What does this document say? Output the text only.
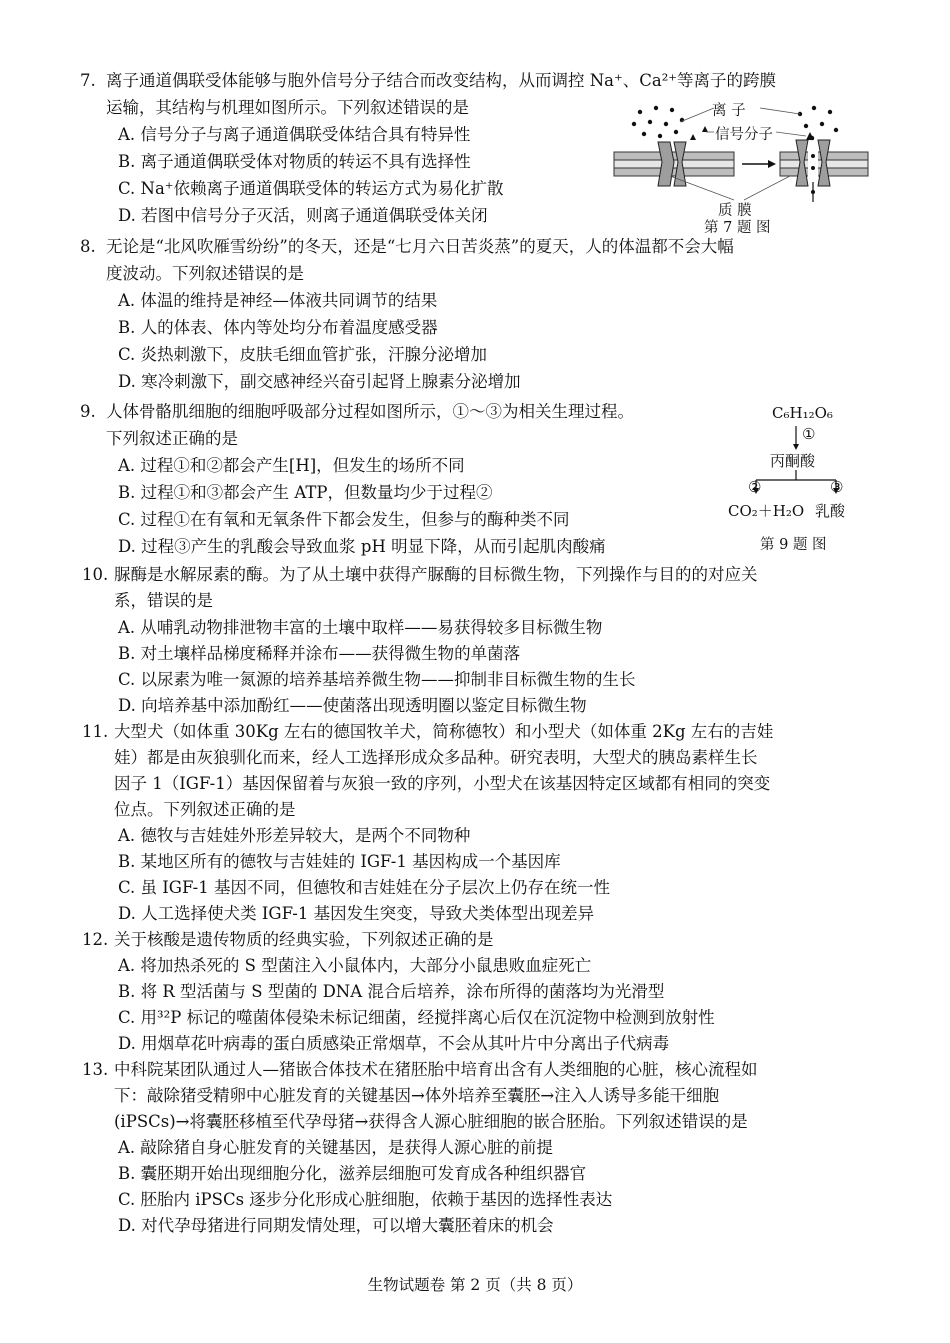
7. 离子通道偶联受体能够与胞外信号分子结合而改变结构，从而调控 Na⁺、Ca²⁺等离子的跨膜
运输，其结构与机理如图所示。下列叙述错误的是
A. 信号分子与离子通道偶联受体结合具有特异性
B. 离子通道偶联受体对物质的转运不具有选择性
C. Na⁺依赖离子通道偶联受体的转运方式为易化扩散
D. 若图中信号分子灭活，则离子通道偶联受体关闭
离 子
信号分子
质 膜
第 7 题 图
8. 无论是“北风吹雁雪纷纷”的冬天，还是“七月六日苦炎蒸”的夏天，人的体温都不会大幅
度波动。下列叙述错误的是
A. 体温的维持是神经—体液共同调节的结果
B. 人的体表、体内等处均分布着温度感受器
C. 炎热刺激下，皮肤毛细血管扩张，汗腺分泌增加
D. 寒冷刺激下，副交感神经兴奋引起肾上腺素分泌增加
9. 人体骨骼肌细胞的细胞呼吸部分过程如图所示，①～③为相关生理过程。
下列叙述正确的是
A. 过程①和②都会产生[H]，但发生的场所不同
B. 过程①和③都会产生 ATP，但数量均少于过程②
C. 过程①在有氧和无氧条件下都会发生，但参与的酶种类不同
D. 过程③产生的乳酸会导致血浆 pH 明显下降，从而引起肌肉酸痛
C₆H₁₂O₆
①
丙酮酸
②	③
CO₂＋H₂O 乳酸
第 9 题 图
10. 脲酶是水解尿素的酶。为了从土壤中获得产脲酶的目标微生物，下列操作与目的的对应关
系，错误的是
A. 从哺乳动物排泄物丰富的土壤中取样——易获得较多目标微生物
B. 对土壤样品梯度稀释并涂布——获得微生物的单菌落
C. 以尿素为唯一氮源的培养基培养微生物——抑制非目标微生物的生长
D. 向培养基中添加酚红——使菌落出现透明圈以鉴定目标微生物
11. 大型犬（如体重 30Kg 左右的德国牧羊犬，简称德牧）和小型犬（如体重 2Kg 左右的吉娃
娃）都是由灰狼驯化而来，经人工选择形成众多品种。研究表明，大型犬的胰岛素样生长
因子 1（IGF-1）基因保留着与灰狼一致的序列，小型犬在该基因特定区域都有相同的突变
位点。下列叙述正确的是
A. 德牧与吉娃娃外形差异较大，是两个不同物种
B. 某地区所有的德牧与吉娃娃的 IGF-1 基因构成一个基因库
C. 虽 IGF-1 基因不同，但德牧和吉娃娃在分子层次上仍存在统一性
D. 人工选择使犬类 IGF-1 基因发生突变，导致犬类体型出现差异
12. 关于核酸是遗传物质的经典实验，下列叙述正确的是
A. 将加热杀死的 S 型菌注入小鼠体内，大部分小鼠患败血症死亡
B. 将 R 型活菌与 S 型菌的 DNA 混合后培养，涂布所得的菌落均为光滑型
C. 用³²P 标记的噬菌体侵染未标记细菌，经搅拌离心后仅在沉淀物中检测到放射性
D. 用烟草花叶病毒的蛋白质感染正常烟草，不会从其叶片中分离出子代病毒
13. 中科院某团队通过人—猪嵌合体技术在猪胚胎中培育出含有人类细胞的心脏，核心流程如
下：敲除猪受精卵中心脏发育的关键基因→体外培养至囊胚→注入人诱导多能干细胞
(iPSCs)→将囊胚移植至代孕母猪→获得含人源心脏细胞的嵌合胚胎。下列叙述错误的是
A. 敲除猪自身心脏发育的关键基因，是获得人源心脏的前提
B. 囊胚期开始出现细胞分化，滋养层细胞可发育成各种组织器官
C. 胚胎内 iPSCs 逐步分化形成心脏细胞，依赖于基因的选择性表达
D. 对代孕母猪进行同期发情处理，可以增大囊胚着床的机会
生物试题卷 第 2 页（共 8 页）
